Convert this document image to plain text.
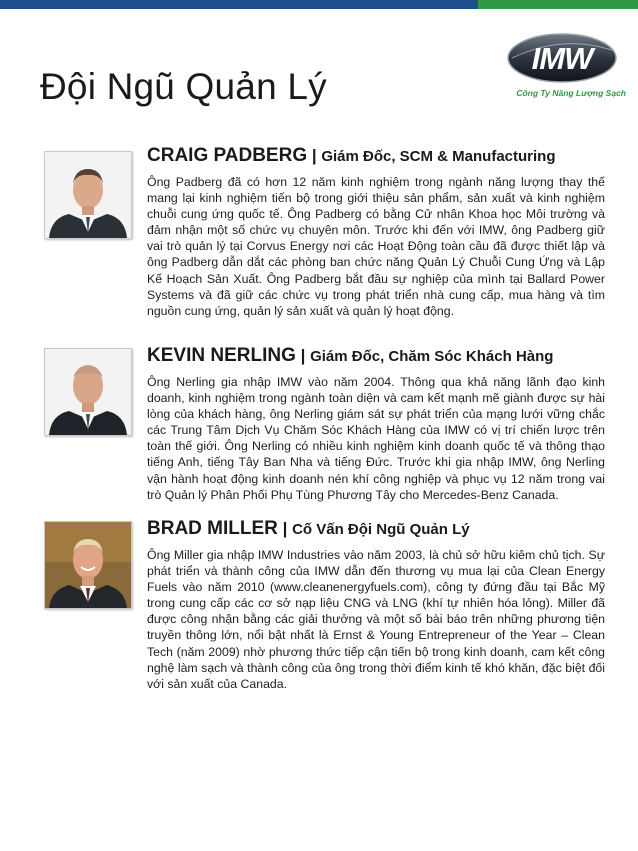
IMW
Công Ty Năng Lượng Sạch
Đội Ngũ Quản Lý

CRAIG PADBERG | Giám Đốc, SCM & Manufacturing

Ông Padberg đã có hơn 12 năm kinh nghiệm trong ngành năng lượng thay thế mang lại kinh nghiệm tiến bộ trong giới thiệu sản phẩm, sản xuất và kinh nghiệm chuỗi cung ứng quốc tế. Ông Padberg có bằng Cử nhân Khoa học Môi trường và đảm nhận một số chức vụ chuyên môn. Trước khi đến với IMW, ông Padberg giữ vai trò quản lý tại Corvus Energy nơi các Hoạt Động toàn cầu đã được thiết lập và ông Padberg dẫn dắt các phòng ban chức năng Quản Lý Chuỗi Cung Ứng và Lập Kế Hoạch Sản Xuất. Ông Padberg bắt đầu sự nghiệp của mình tại Ballard Power Systems và đã giữ các chức vụ trong phát triển nhà cung cấp, mua hàng và tìm nguồn cung ứng, quản lý sản xuất và quản lý hoạt động.

KEVIN NERLING | Giám Đốc, Chăm Sóc Khách Hàng

Ông Nerling gia nhập IMW vào năm 2004. Thông qua khả năng lãnh đạo kinh doanh, kinh nghiệm trong ngành toàn diện và cam kết mạnh mẽ giành được sự hài lòng của khách hàng, ông Nerling giám sát sự phát triển của mạng lưới vững chắc các Trung Tâm Dịch Vụ Chăm Sóc Khách Hàng của IMW có vị trí chiến lược trên toàn thế giới. Ông Nerling có nhiều kinh nghiệm kinh doanh quốc tế và thông thạo tiếng Anh, tiếng Tây Ban Nha và tiếng Đức. Trước khi gia nhập IMW, ông Nerling vận hành hoạt động kinh doanh nén khí công nghiệp và phục vụ 12 năm trong vai trò Quản lý Phân Phối Phụ Tùng Phương Tây cho Mercedes-Benz Canada.

BRAD MILLER | Cố Vấn Đội Ngũ Quản Lý

Ông Miller gia nhập IMW Industries vào năm 2003, là chủ sở hữu kiêm chủ tịch. Sự phát triển và thành công của IMW dẫn đến thương vụ mua lại của Clean Energy Fuels vào năm 2010 (www.cleanenergyfuels.com), công ty đứng đầu tại Bắc Mỹ trong cung cấp các cơ sở nạp liệu CNG và LNG (khí tự nhiên hóa lỏng). Miller đã được công nhận bằng các giải thưởng và một số bài báo trên những phương tiện truyền thông lớn, nổi bật nhất là Ernst & Young Entrepreneur of the Year – Clean Tech (năm 2009) nhờ phương thức tiếp cận tiến bộ trong kinh doanh, cam kết công nghệ làm sạch và thành công của ông trong thời điểm kinh tế khó khăn, đặc biệt đối với sản xuất của Canada.
